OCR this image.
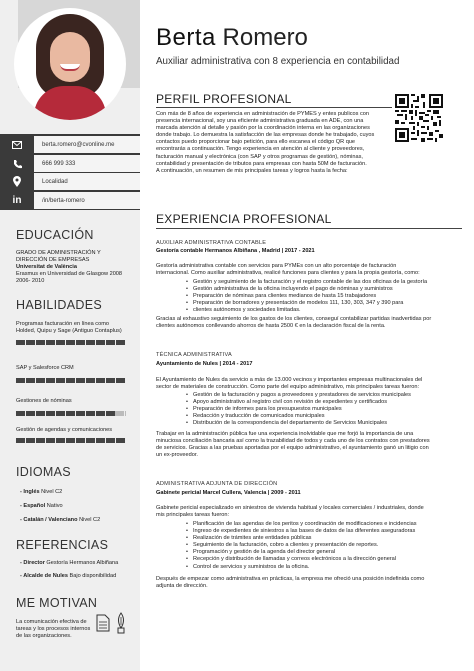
berta.romero@cvonline.me
666 999 333
Localidad
in	/in/berta-romero
EDUCACIÓN
GRADO DE ADMINISTRACIÓN Y
DIRECCIÓN DE EMPRESAS
Universitat de València
Erasmus en Universidad de Glasgow 2008
2006- 2010
HABILIDADES
Programas facturación en línea como
Holded, Quipu y Sage (Antiguo Contaplus)
SAP y Salesforce CRM
Gestiones de nóminas
Gestión de agendas y comunicaciones
IDIOMAS
- Inglés Nivel C2
- Español Nativo
- Catalán / Valenciano Nivel C2
REFERENCIAS
- Director Gestoría Hermanos Albiñana
- Alcalde de Nules Bajo disponibilidad
ME MOTIVAN
La comunicación efectiva de
tareas y los procesos internos
de las organizaciones.
Berta Romero
Auxiliar administrativa con 8 experiencia en contabilidad
PERFIL PROFESIONAL
Con más de 8 años de experiencia en administración de PYMES y entes publicos con
presencia internacional, soy una eficiente administrativa graduada en ADE, con una
marcada atención al detalle y pasión por la coordinación interna en las organizaciones
donde trabajo. Lo demuestra la satisfacción de las empresas donde he trabajado, cuyos
contactos puedo proporcionar bajo petición, para ello escanea el código QR que
encontrarás a continuación. Tengo experiencia en atención al cliente y proveedores,
facturación manual y electrónica (con SAP y otros programas de gestión), nóminas,
contabilidad y presentación de tributos para empresas con hasta 50M de facturación.
A continuación, un resumen de mis principales tareas y logros hasta la fecha:
EXPERIENCIA PROFESIONAL
AUXILIAR ADMINISTRATIVA CONTABLE
Gestoría contable Hermanos Albiñana , Madrid | 2017 - 2021
Gestoría administrativa contable con servicios para PYMEs con un alto porcentaje de facturación
internacional. Como auxiliar administrativa, realicé funciones para clientes y para la propia gestoría, como:
• Gestión y seguimiento de la facturación y el registro contable de las dos oficinas de la gestoría
• Gestión administrativa de la oficina incluyendo el pago de nóminas y suministros
• Preparación de nóminas para clientes medianos de hasta 15 trabajadores
• Preparación de borradores y presentación de modelos 111, 130, 303, 347 y 390 para
• clientes autónomos y sociedades limitadas.
Gracias al exhaustivo seguimiento de los gastos de los clientes, conseguí contabilizar partidas inadvertidas por
clientes autónomos conllevando ahorros de hasta 2500 € en la declaración fiscal de la renta.
TÉCNICA ADMINISTRATIVA
Ayuntamiento de Nules | 2014 - 2017
El Ayuntamiento de Nules da servicio a más de 13.000 vecinos y importantes empresas multinacionales del
sector de materiales de construcción. Como parte del equipo administrativo, mis principales tareas fueron:
• Gestión de la facturación y pagos a proveedores y prestadores de servicios municipales
• Apoyo administrativo al registro civil con revisión de expedientes y certificados
• Preparación de informes para los presupuestos municipales
• Redacción y traducción de comunicados municipales
• Distribución de la correspondencia del departamento de Servicios Municipales
Trabajar en la administración pública fue una experiencia inolvidable que me forjó la importancia de una
minuciosa conciliación bancaria así como la trazabilidad de todos y cada uno de los contratos con prestadores
de servicios. Gracias a las pruebas aportadas por el equipo administrativo, el ayuntamiento ganó un litigio con
un ex-proveedor.
ADMINISTRATIVA ADJUNTA DE DIRECCIÓN
Gabinete pericial Marcel Cullera, Valencia | 2009 - 2011
Gabinete pericial especializado en siniestros de vivienda habitual y locales comerciales / industriales, donde
mis principales tareas fueron:
• Planificación de las agendas de los peritos y coordinación de modificaciones e incidencias
• Ingreso de expedientes de siniestros a las bases de datos de las diferentes aseguradoras
• Realización de trámites ante entidades públicas
• Seguimiento de la facturación, cobro a clientes y presentación de reportes.
• Programación y gestión de la agenda del director general
• Recepción y distribución de llamadas y correos electrónicos a la dirección general
• Control de servicios y suministros de la oficina.
Después de empezar como administrativa en prácticas, la empresa me ofreció una posición indefinida como
adjunta de dirección.
